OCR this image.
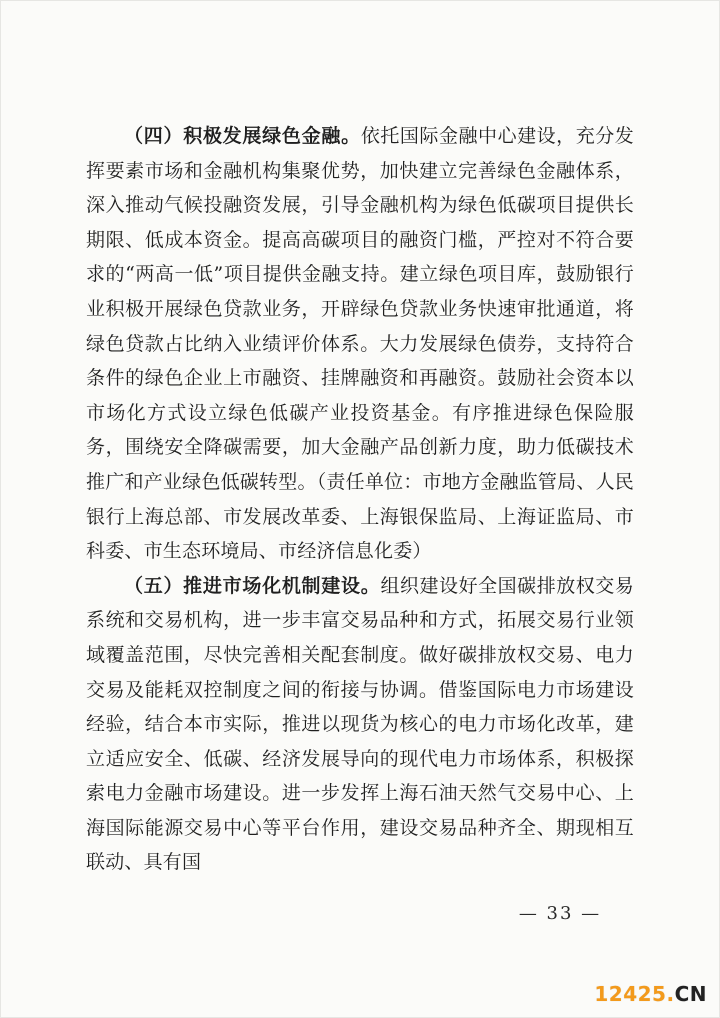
（四）积极发展绿色金融。依托国际金融中心建设，充分发挥要素市场和金融机构集聚优势，加快建立完善绿色金融体系，深入推动气候投融资发展，引导金融机构为绿色低碳项目提供长期限、低成本资金。提高高碳项目的融资门槛，严控对不符合要求的“两高一低”项目提供金融支持。建立绿色项目库，鼓励银行业积极开展绿色贷款业务，开辟绿色贷款业务快速审批通道，将绿色贷款占比纳入业绩评价体系。大力发展绿色债券，支持符合条件的绿色企业上市融资、挂牌融资和再融资。鼓励社会资本以市场化方式设立绿色低碳产业投资基金。有序推进绿色保险服务，围绕安全降碳需要，加大金融产品创新力度，助力低碳技术推广和产业绿色低碳转型。（责任单位：市地方金融监管局、人民银行上海总部、市发展改革委、上海银保监局、上海证监局、市科委、市生态环境局、市经济信息化委）

（五）推进市场化机制建设。组织建设好全国碳排放权交易系统和交易机构，进一步丰富交易品种和方式，拓展交易行业领域覆盖范围，尽快完善相关配套制度。做好碳排放权交易、电力交易及能耗双控制度之间的衔接与协调。借鉴国际电力市场建设经验，结合本市实际，推进以现货为核心的电力市场化改革，建立适应安全、低碳、经济发展导向的现代电力市场体系，积极探索电力金融市场建设。进一步发挥上海石油天然气交易中心、上海国际能源交易中心等平台作用，建设交易品种齐全、期现相互联动、具有国

— 33 —
12425.CN
